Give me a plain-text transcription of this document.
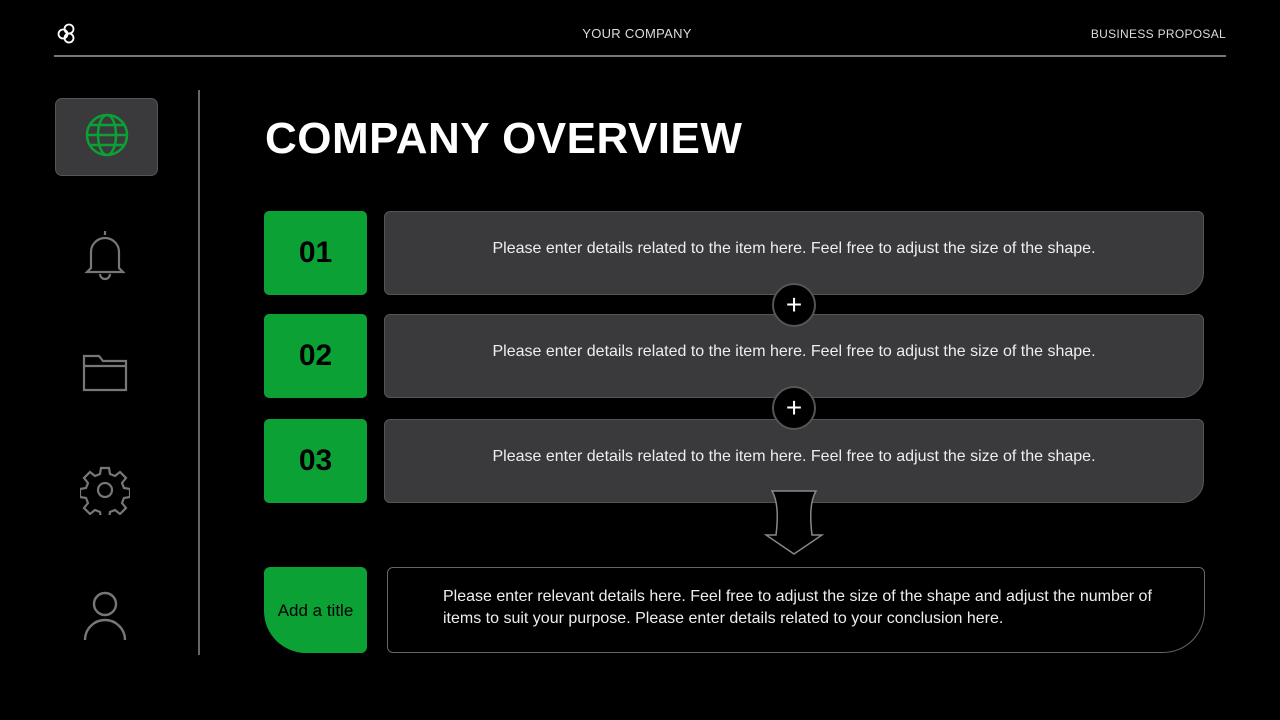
YOUR COMPANY	BUSINESS PROPOSAL
COMPANY OVERVIEW
01	Please enter details related to the item here. Feel free to adjust the size of the shape.
02	Please enter details related to the item here. Feel free to adjust the size of the shape.
03	Please enter details related to the item here. Feel free to adjust the size of the shape.
+
+
Add a title
Please enter relevant details here. Feel free to adjust the size of the shape and adjust the number of items to suit your purpose. Please enter details related to your conclusion here.
